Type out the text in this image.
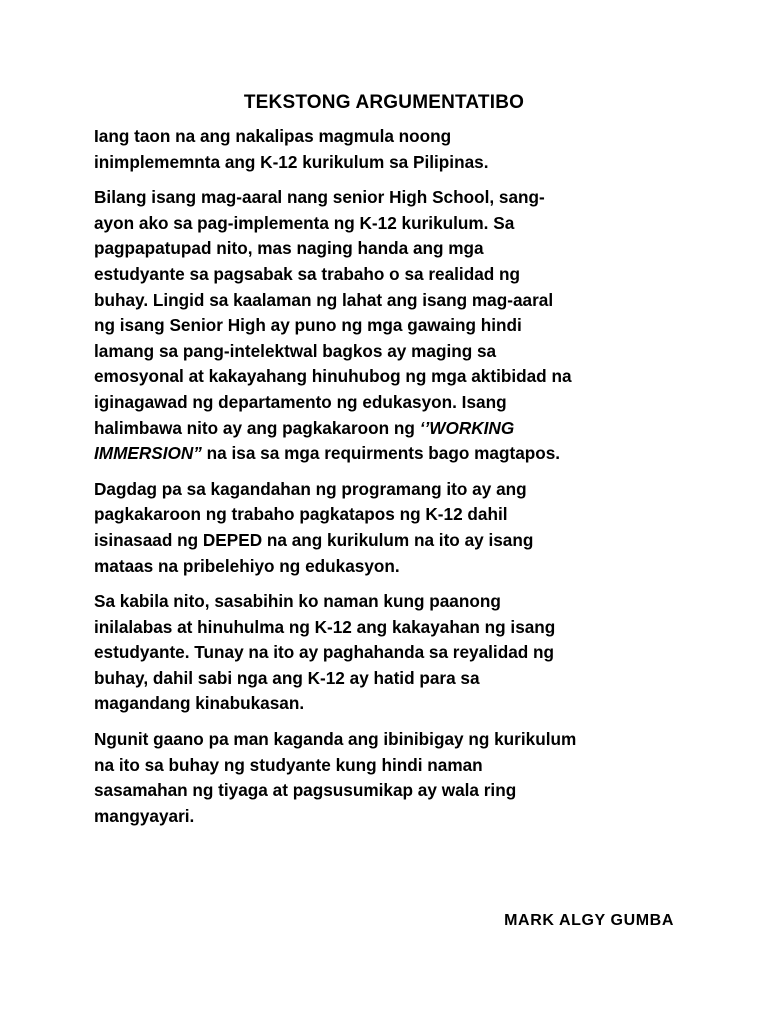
TEKSTONG ARGUMENTATIBO
Iang taon na ang nakalipas magmula noong
inimplememnta ang K-12 kurikulum sa Pilipinas.
Bilang isang mag-aaral nang senior High School, sang-
ayon ako sa pag-implementa ng K-12 kurikulum. Sa
pagpapatupad nito, mas naging handa ang mga
estudyante sa pagsabak sa trabaho o sa realidad ng
buhay. Lingid sa kaalaman ng lahat ang isang mag-aaral
ng isang Senior High ay puno ng mga gawaing hindi
lamang sa pang-intelektwal bagkos ay maging sa
emosyonal at kakayahang hinuhubog ng mga aktibidad na
iginagawad ng departamento ng edukasyon. Isang
halimbawa nito ay ang pagkakaroon ng ‘’WORKING
IMMERSION” na isa sa mga requirments bago magtapos.
Dagdag pa sa kagandahan ng programang ito ay ang
pagkakaroon ng trabaho pagkatapos ng K-12 dahil
isinasaad ng DEPED na ang kurikulum na ito ay isang
mataas na pribelehiyo ng edukasyon.
Sa kabila nito, sasabihin ko naman kung paanong
inilalabas at hinuhulma ng K-12 ang kakayahan ng isang
estudyante. Tunay na ito ay paghahanda sa reyalidad ng
buhay, dahil sabi nga ang K-12 ay hatid para sa
magandang kinabukasan.
Ngunit gaano pa man kaganda ang ibinibigay ng kurikulum
na ito sa buhay ng studyante kung hindi naman
sasamahan ng tiyaga at pagsusumikap ay wala ring
mangyayari.
MARK ALGY GUMBA
